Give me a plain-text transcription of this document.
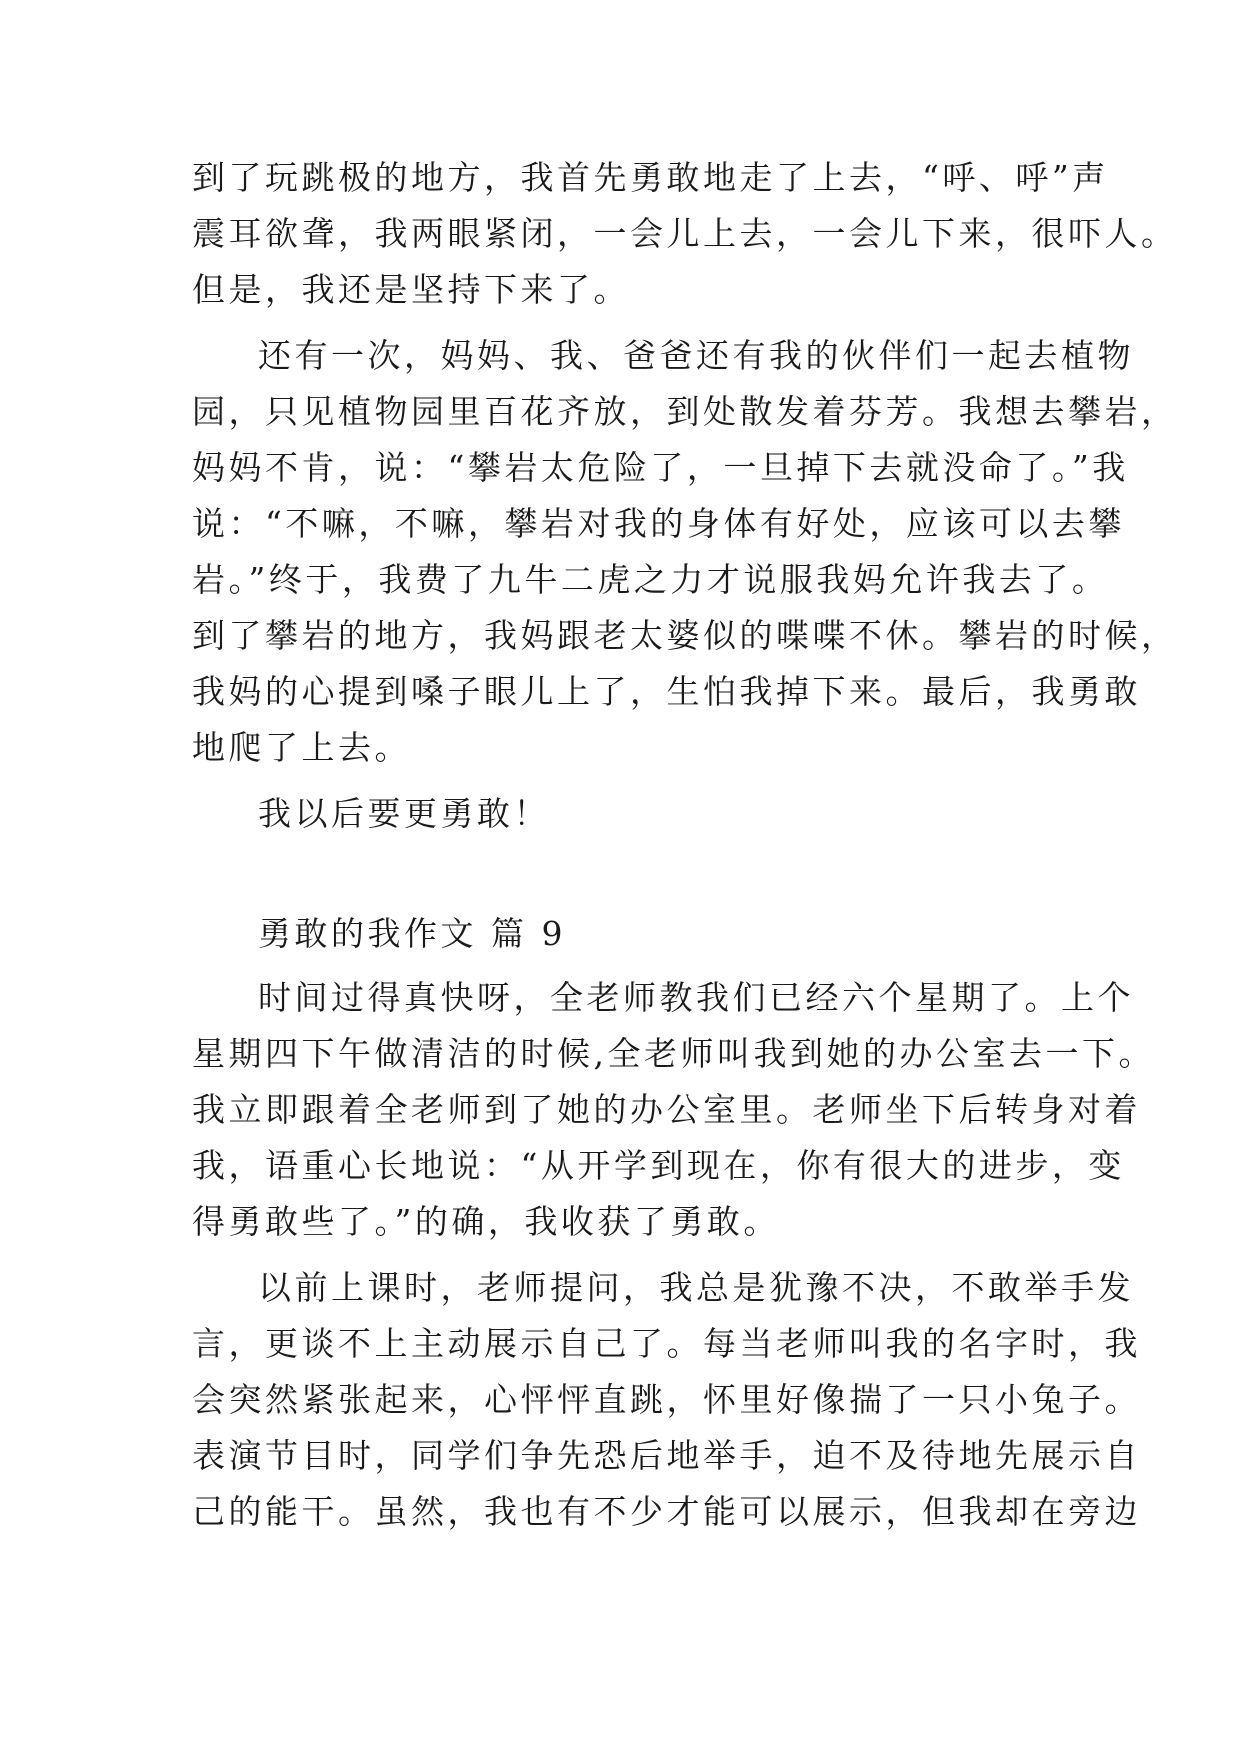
到了玩跳极的地方，我首先勇敢地走了上去，“呼、呼”声
震耳欲聋，我两眼紧闭，一会儿上去，一会儿下来，很吓人。
但是，我还是坚持下来了。
还有一次，妈妈、我、爸爸还有我的伙伴们一起去植物
园，只见植物园里百花齐放，到处散发着芬芳。我想去攀岩，
妈妈不肯，说：“攀岩太危险了，一旦掉下去就没命了。”我
说：“不嘛，不嘛，攀岩对我的身体有好处，应该可以去攀
岩。”终于，我费了九牛二虎之力才说服我妈允许我去了。
到了攀岩的地方，我妈跟老太婆似的喋喋不休。攀岩的时候，
我妈的心提到嗓子眼儿上了，生怕我掉下来。最后，我勇敢
地爬了上去。
我以后要更勇敢！
勇敢的我作文 篇 9
时间过得真快呀，全老师教我们已经六个星期了。上个
星期四下午做清洁的时候,全老师叫我到她的办公室去一下。
我立即跟着全老师到了她的办公室里。老师坐下后转身对着
我，语重心长地说：“从开学到现在，你有很大的进步，变
得勇敢些了。”的确，我收获了勇敢。
以前上课时，老师提问，我总是犹豫不决，不敢举手发
言，更谈不上主动展示自己了。每当老师叫我的名字时，我
会突然紧张起来，心怦怦直跳，怀里好像揣了一只小兔子。
表演节目时，同学们争先恐后地举手，迫不及待地先展示自
己的能干。虽然，我也有不少才能可以展示，但我却在旁边
